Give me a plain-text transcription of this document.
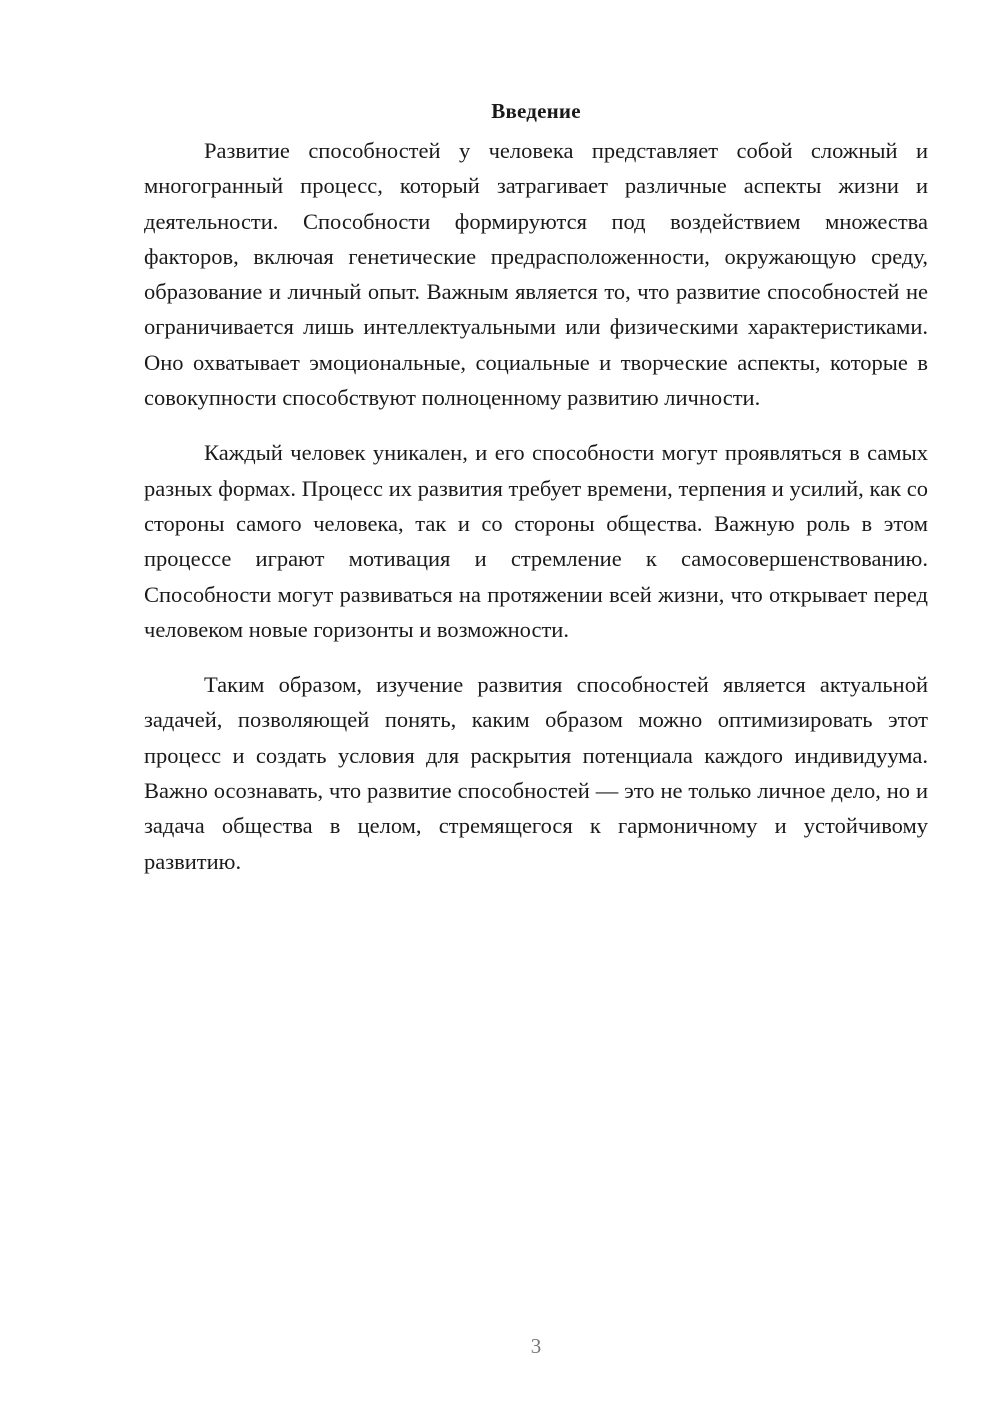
Введение

Развитие способностей у человека представляет собой сложный и многогранный процесс, который затрагивает различные аспекты жизни и деятельности. Способности формируются под воздействием множества факторов, включая генетические предрасположенности, окружающую среду, образование и личный опыт. Важным является то, что развитие способностей не ограничивается лишь интеллектуальными или физическими характеристиками. Оно охватывает эмоциональные, социальные и творческие аспекты, которые в совокупности способствуют полноценному развитию личности.

Каждый человек уникален, и его способности могут проявляться в самых разных формах. Процесс их развития требует времени, терпения и усилий, как со стороны самого человека, так и со стороны общества. Важную роль в этом процессе играют мотивация и стремление к самосовершенствованию. Способности могут развиваться на протяжении всей жизни, что открывает перед человеком новые горизонты и возможности.

Таким образом, изучение развития способностей является актуальной задачей, позволяющей понять, каким образом можно оптимизировать этот процесс и создать условия для раскрытия потенциала каждого индивидуума. Важно осознавать, что развитие способностей — это не только личное дело, но и задача общества в целом, стремящегося к гармоничному и устойчивому развитию.

3
